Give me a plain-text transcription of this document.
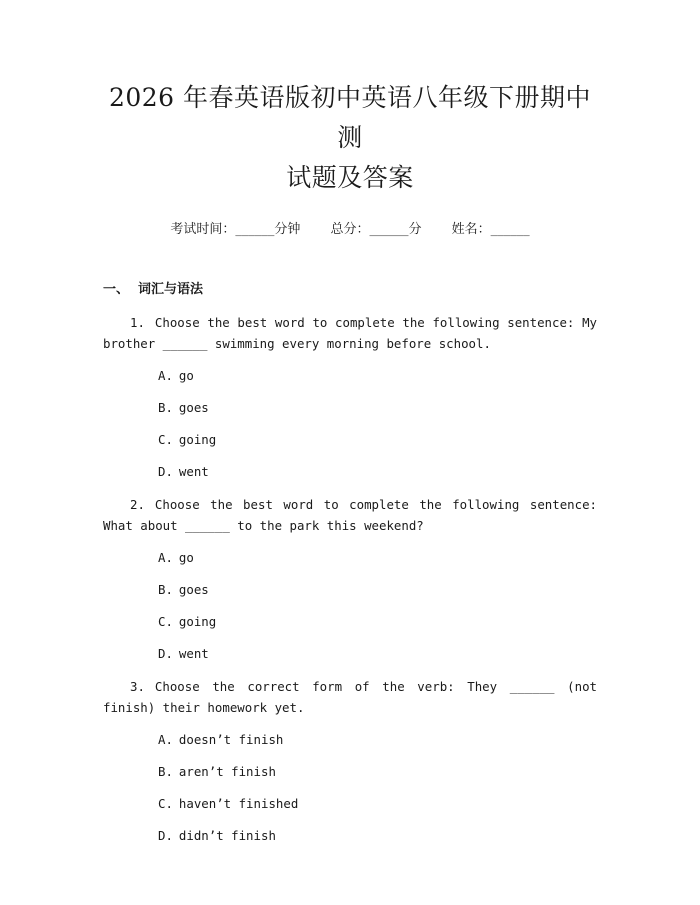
2026 年春英语版初中英语八年级下册期中测
试题及答案
考试时间：______分钟 总分：______分 姓名：______
一、 词汇与语法
1. Choose the best word to complete the following sentence: My brother ______ swimming every morning before school.
A. go
B. goes
C. going
D. went
2. Choose the best word to complete the following sentence: What about ______ to the park this weekend?
A. go
B. goes
C. going
D. went
3. Choose the correct form of the verb: They ______ (not finish) their homework yet.
A. doesn’t finish
B. aren’t finish
C. haven’t finished
D. didn’t finish
